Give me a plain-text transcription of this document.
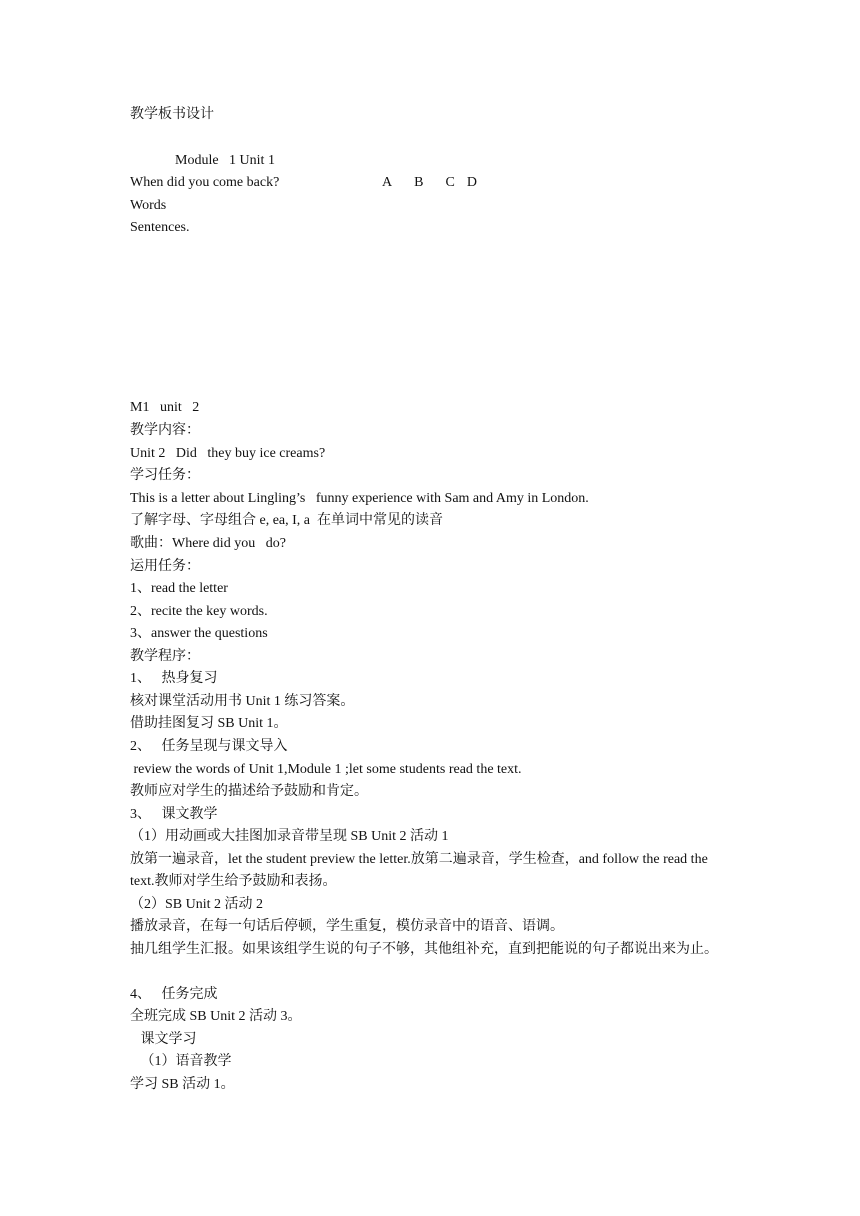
教学板书设计
Module   1 Unit 1

A B C D

When did you come back?
Words
Sentences.
M1   unit   2
教学内容：
Unit 2   Did   they buy ice creams?
学习任务：
This is a letter about Lingling’s   funny experience with Sam and Amy in London.
了解字母、字母组合 e, ea, I, a  在单词中常见的读音
歌曲：Where did you   do?
运用任务：
1、read the letter
2、recite the key words.
3、answer the questions
教学程序：
1、   热身复习
核对课堂活动用书 Unit 1 练习答案。
借助挂图复习 SB Unit 1。
2、   任务呈现与课文导入
review the words of Unit 1,Module 1 ;let some students read the text.
教师应对学生的描述给予鼓励和肯定。
3、   课文教学
（1）用动画或大挂图加录音带呈现 SB Unit 2 活动 1
放第一遍录音，let the student preview the letter.放第二遍录音，学生检查，and follow the read the text.教师对学生给予鼓励和表扬。
（2）SB Unit 2 活动 2
播放录音，在每一句话后停顿，学生重复，模仿录音中的语音、语调。
抽几组学生汇报。如果该组学生说的句子不够，其他组补充，直到把能说的句子都说出来为止。
4、   任务完成
全班完成 SB Unit 2 活动 3。
课文学习
（1）语音教学
学习 SB 活动 1。
